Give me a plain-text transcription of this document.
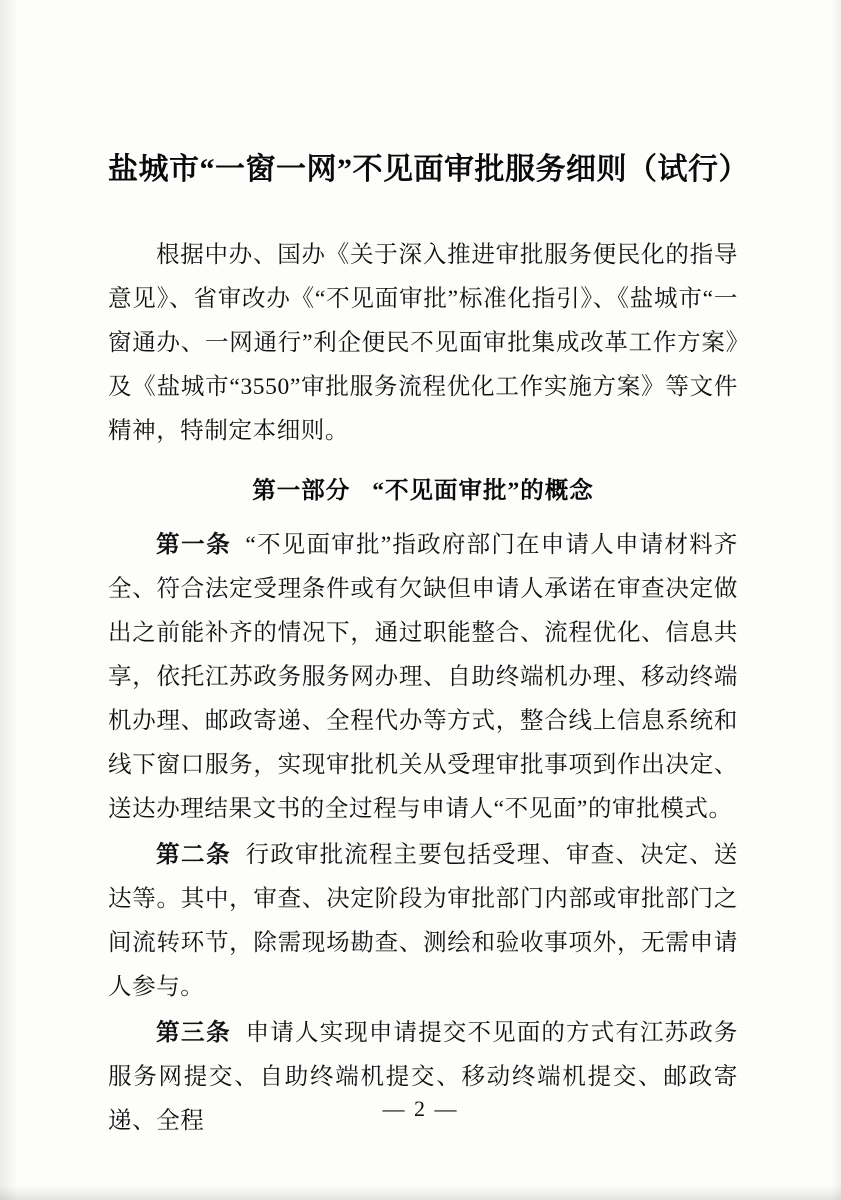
盐城市“一窗一网”不见面审批服务细则（试行）

根据中办、国办《关于深入推进审批服务便民化的指导意见》、省审改办《“不见面审批”标准化指引》、《盐城市“一窗通办、一网通行”利企便民不见面审批集成改革工作方案》及《盐城市“3550”审批服务流程优化工作实施方案》等文件精神，特制定本细则。

第一部分 “不见面审批”的概念

第一条 “不见面审批”指政府部门在申请人申请材料齐全、符合法定受理条件或有欠缺但申请人承诺在审查决定做出之前能补齐的情况下，通过职能整合、流程优化、信息共享，依托江苏政务服务网办理、自助终端机办理、移动终端机办理、邮政寄递、全程代办等方式，整合线上信息系统和线下窗口服务，实现审批机关从受理审批事项到作出决定、送达办理结果文书的全过程与申请人“不见面”的审批模式。

第二条 行政审批流程主要包括受理、审查、决定、送达等。其中，审查、决定阶段为审批部门内部或审批部门之间流转环节，除需现场勘查、测绘和验收事项外，无需申请人参与。

第三条 申请人实现申请提交不见面的方式有江苏政务服务网提交、自助终端机提交、移动终端机提交、邮政寄递、全程	— 2 —
